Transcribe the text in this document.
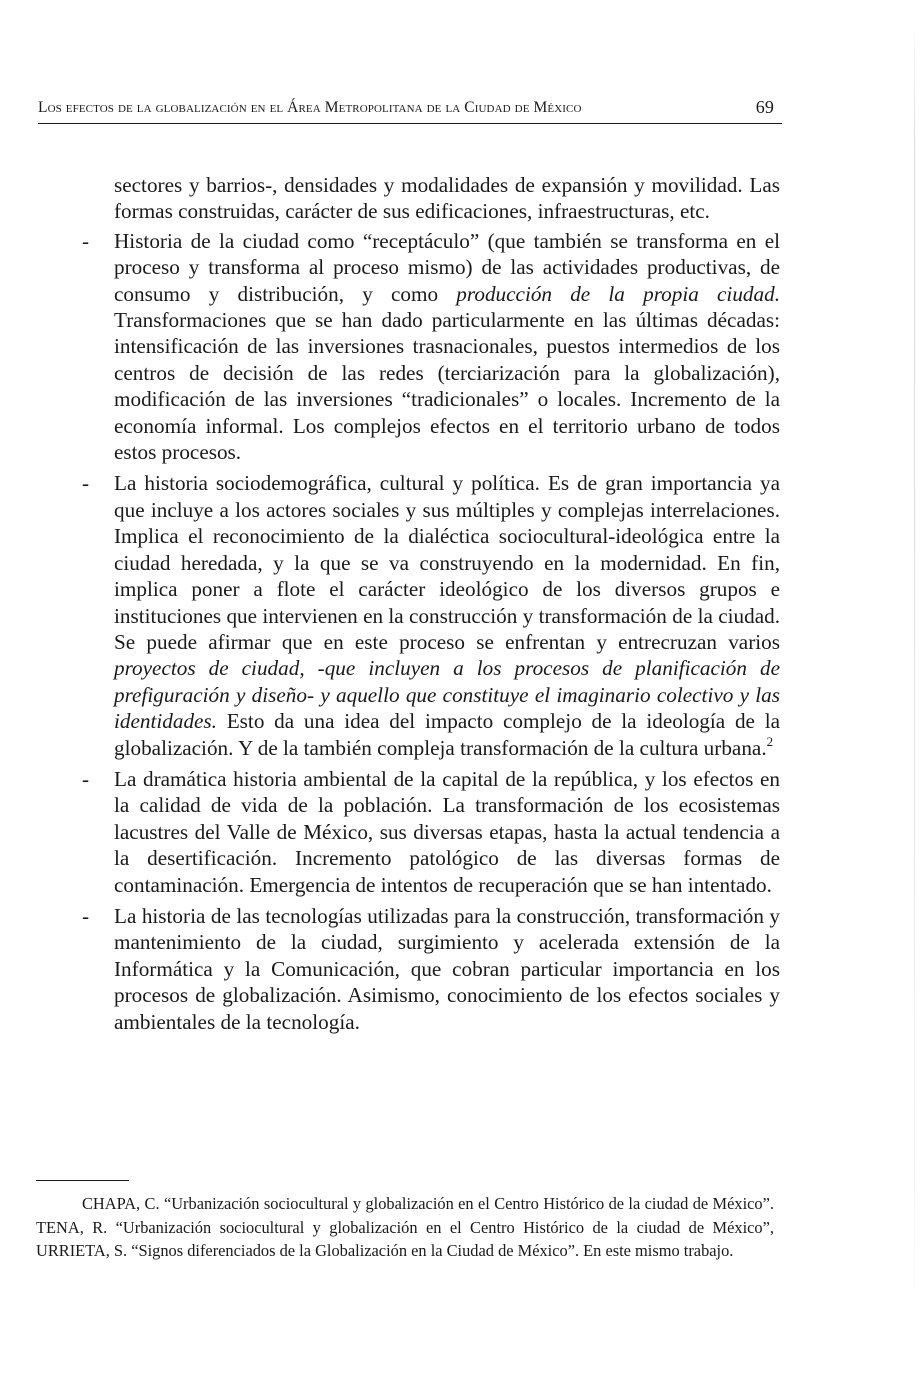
Los efectos de la globalización en el Área Metropolitana de la Ciudad de México	69
sectores y barrios-, densidades y modalidades de expansión y movilidad. Las formas construidas, carácter de sus edificaciones, infraestructuras, etc.
- Historia de la ciudad como “receptáculo” (que también se transforma en el proceso y transforma al proceso mismo) de las actividades productivas, de consumo y distribución, y como producción de la propia ciudad. Transformaciones que se han dado particularmente en las últimas décadas: intensificación de las inversiones trasnacionales, puestos intermedios de los centros de decisión de las redes (terciarización para la globalización), modificación de las inversiones “tradicionales” o locales. Incremento de la economía informal. Los complejos efectos en el territorio urbano de todos estos procesos.
- La historia sociodemográfica, cultural y política. Es de gran importancia ya que incluye a los actores sociales y sus múltiples y complejas interrelaciones. Implica el reconocimiento de la dialéctica sociocultural-ideológica entre la ciudad heredada, y la que se va construyendo en la modernidad. En fin, implica poner a flote el carácter ideológico de los diversos grupos e instituciones que intervienen en la construcción y transformación de la ciudad. Se puede afirmar que en este proceso se enfrentan y entrecruzan varios proyectos de ciudad, -que incluyen a los procesos de planificación de prefiguración y diseño- y aquello que constituye el imaginario colectivo y las identidades. Esto da una idea del impacto complejo de la ideología de la globalización. Y de la también compleja transformación de la cultura urbana.$^2$
- La dramática historia ambiental de la capital de la república, y los efectos en la calidad de vida de la población. La transformación de los ecosistemas lacustres del Valle de México, sus diversas etapas, hasta la actual tendencia a la desertificación. Incremento patológico de las diversas formas de contaminación. Emergencia de intentos de recuperación que se han intentado.
- La historia de las tecnologías utilizadas para la construcción, transformación y mantenimiento de la ciudad, surgimiento y acelerada extensión de la Informática y la Comunicación, que cobran particular importancia en los procesos de globalización. Asimismo, conocimiento de los efectos sociales y ambientales de la tecnología.
CHAPA, C. “Urbanización sociocultural y globalización en el Centro Histórico de la ciudad de México”. TENA, R. “Urbanización sociocultural y globalización en el Centro Histórico de la ciudad de México”, URRIETA, S. “Signos diferenciados de la Globalización en la Ciudad de México”. En este mismo trabajo.
